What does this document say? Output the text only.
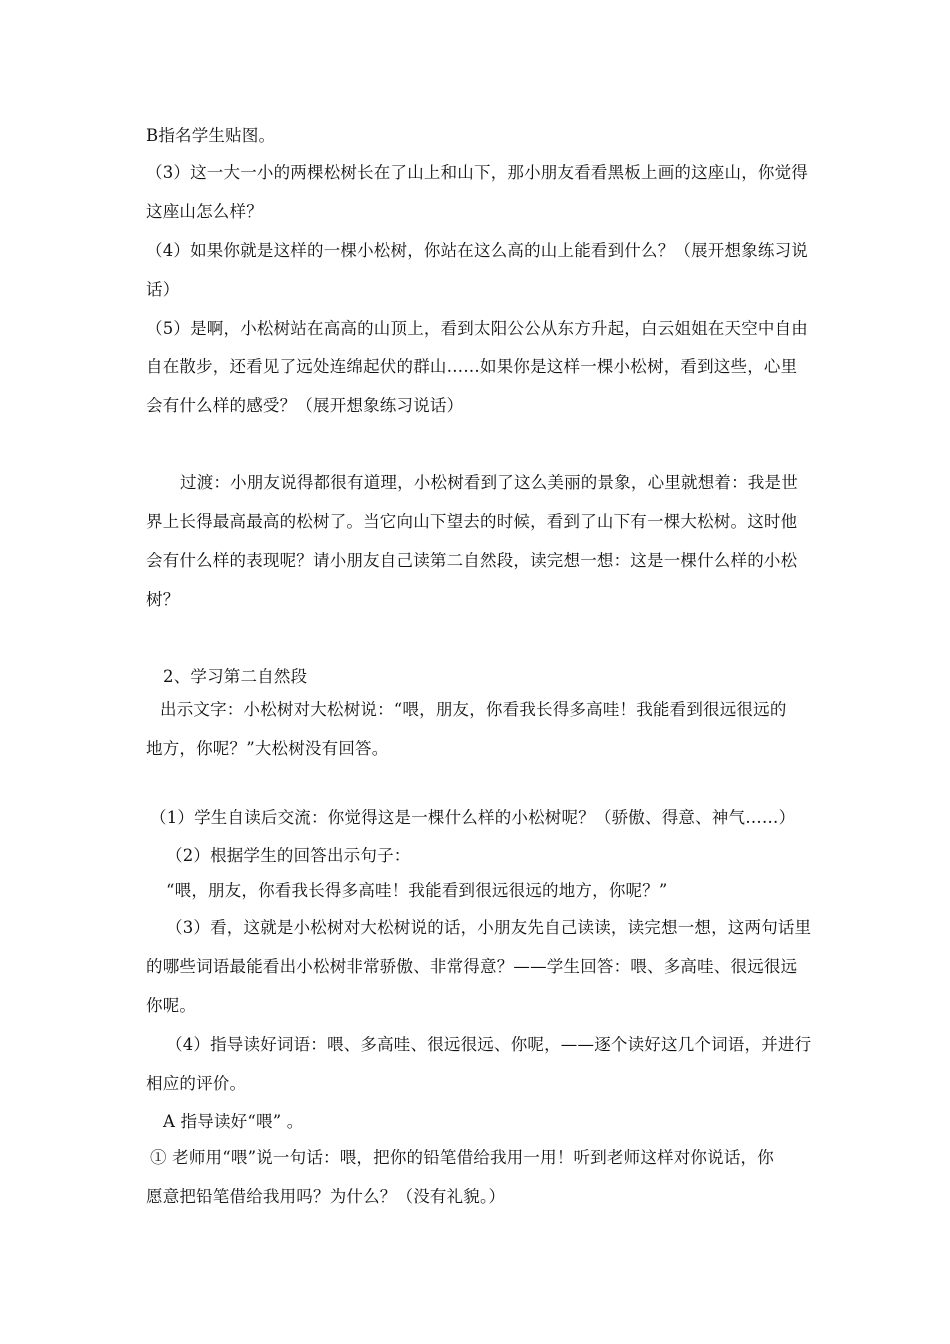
B指名学生贴图。
（3）这一大一小的两棵松树长在了山上和山下，那小朋友看看黑板上画的这座山，你觉得
这座山怎么样？
（4）如果你就是这样的一棵小松树，你站在这么高的山上能看到什么？（展开想象练习说
话）
（5）是啊，小松树站在高高的山顶上，看到太阳公公从东方升起，白云姐姐在天空中自由
自在散步，还看见了远处连绵起伏的群山……如果你是这样一棵小松树，看到这些，心里
会有什么样的感受？（展开想象练习说话）
过渡：小朋友说得都很有道理，小松树看到了这么美丽的景象，心里就想着：我是世
界上长得最高最高的松树了。当它向山下望去的时候，看到了山下有一棵大松树。这时他
会有什么样的表现呢？请小朋友自己读第二自然段，读完想一想：这是一棵什么样的小松
树？
2、学习第二自然段
出示文字：小松树对大松树说：“喂，朋友，你看我长得多高哇！我能看到很远很远的
地方，你呢？”大松树没有回答。
（1）学生自读后交流：你觉得这是一棵什么样的小松树呢？（骄傲、得意、神气……）
（2）根据学生的回答出示句子：
“喂，朋友，你看我长得多高哇！我能看到很远很远的地方，你呢？”
（3）看，这就是小松树对大松树说的话，小朋友先自己读读，读完想一想，这两句话里
的哪些词语最能看出小松树非常骄傲、非常得意？——学生回答：喂、多高哇、很远很远
你呢。
（4）指导读好词语：喂、多高哇、很远很远、你呢，——逐个读好这几个词语，并进行
相应的评价。
A 指导读好“喂” 。
① 老师用“喂”说一句话：喂，把你的铅笔借给我用一用！听到老师这样对你说话，你
愿意把铅笔借给我用吗？为什么？（没有礼貌。）
